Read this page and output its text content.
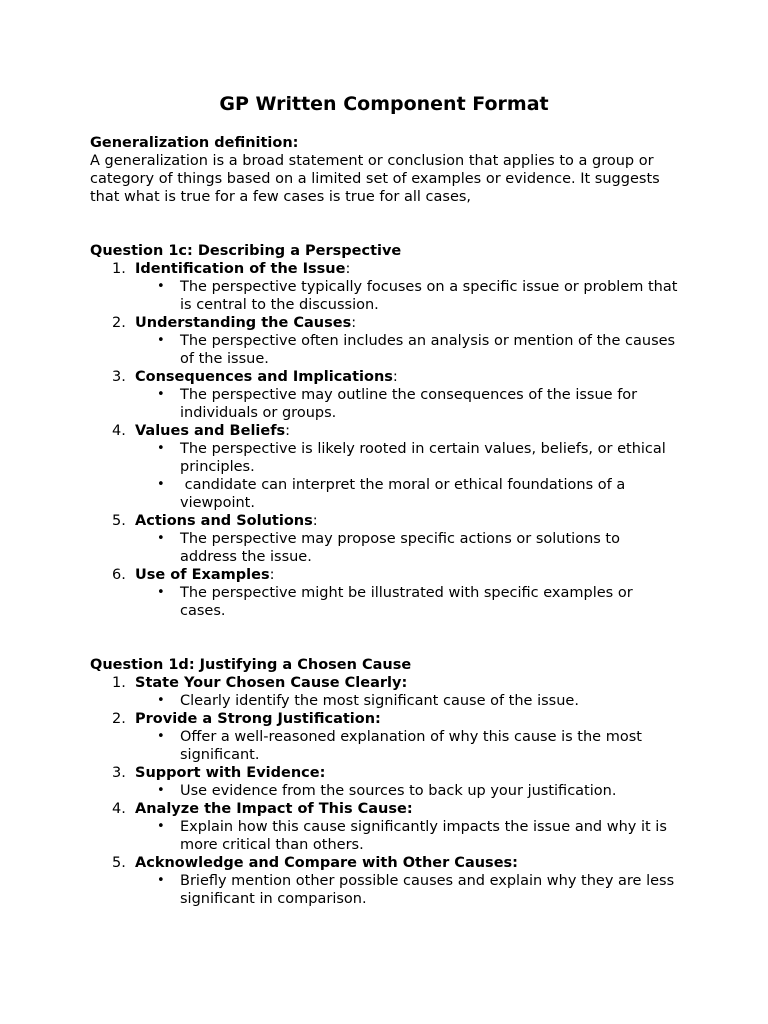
GP Written Component Format
Generalization definition:

A generalization is a broad statement or conclusion that applies to a group or category of things based on a limited set of examples or evidence. It suggests that what is true for a few cases is true for all cases,

Question 1c: Describing a Perspective
1. Identification of the Issue:
• The perspective typically focuses on a specific issue or problem that is central to the discussion.
2. Understanding the Causes:
• The perspective often includes an analysis or mention of the causes of the issue.
3. Consequences and Implications:
• The perspective may outline the consequences of the issue for individuals or groups.
4. Values and Beliefs:
• The perspective is likely rooted in certain values, beliefs, or ethical principles.
• candidate can interpret the moral or ethical foundations of a viewpoint.
5. Actions and Solutions:
• The perspective may propose specific actions or solutions to address the issue.
6. Use of Examples:
• The perspective might be illustrated with specific examples or cases.
Question 1d: Justifying a Chosen Cause
1. State Your Chosen Cause Clearly:
• Clearly identify the most significant cause of the issue.
2. Provide a Strong Justification:
• Offer a well-reasoned explanation of why this cause is the most significant.
3. Support with Evidence:
• Use evidence from the sources to back up your justification.
4. Analyze the Impact of This Cause:
• Explain how this cause significantly impacts the issue and why it is more critical than others.
5. Acknowledge and Compare with Other Causes:
• Briefly mention other possible causes and explain why they are less significant in comparison.
